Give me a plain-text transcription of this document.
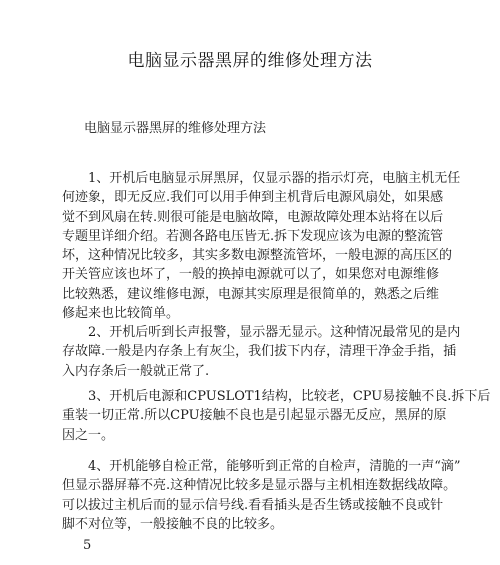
电脑显示器黑屏的维修处理方法
电脑显示器黑屏的维修处理方法
　　1、开机后电脑显示屏黑屏，仅显示器的指示灯亮，电脑主机无任
何迹象，即无反应.我们可以用手伸到主机背后电源风扇处，如果感
觉不到风扇在转.则很可能是电脑故障，电源故障处理本站将在以后
专题里详细介绍。若测各路电压皆无.拆下发现应该为电源的整流管
坏，这种情况比较多，其实多数电源整流管坏，一般电源的高压区的
开关管应该也坏了，一般的换掉电源就可以了，如果您对电源维修
比较熟悉，建议维修电源，电源其实原理是很简单的，熟悉之后维
修起来也比较简单。
　　2、开机后听到长声报警，显示器无显示。这种情况最常见的是内
存故障.一般是内存条上有灰尘，我们拔下内存，清理干净金手指，插
入内存条后一般就正常了.
　　3、开机后电源和CPUSLOT1结构，比较老，CPU易接触不良.拆下后
重装一切正常.所以CPU接触不良也是引起显示器无反应，黑屏的原
因之一。
　　4、开机能够自检正常，能够听到正常的自检声，清脆的一声“滴”
但显示器屏幕不亮.这种情况比较多是显示器与主机相连数据线故障。
可以拔过主机后而的显示信号线.看看插头是否生锈或接触不良或针
脚不对位等，一般接触不良的比较多。
5
